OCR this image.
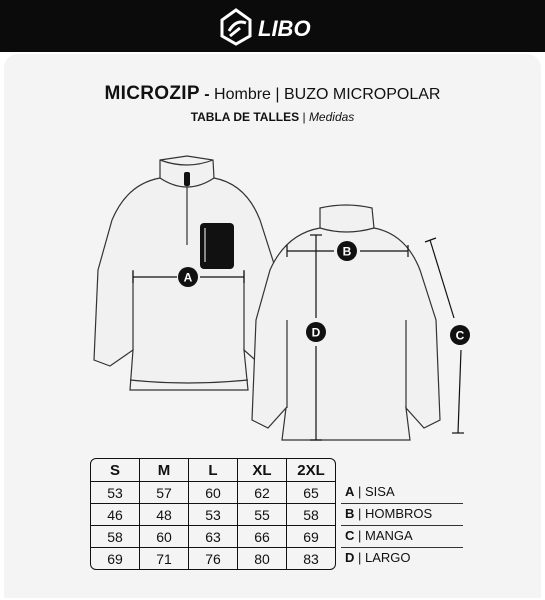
LIBO
MICROZIP - Hombre | BUZO MICROPOLAR
TABLA DE TALLES | Medidas
A
B
C
D
S	M	L	XL	2XL
53	57	60	62	65
46	48	53	55	58
58	60	63	66	69
69	71	76	80	83
A | SISA
B | HOMBROS
C | MANGA
D | LARGO
